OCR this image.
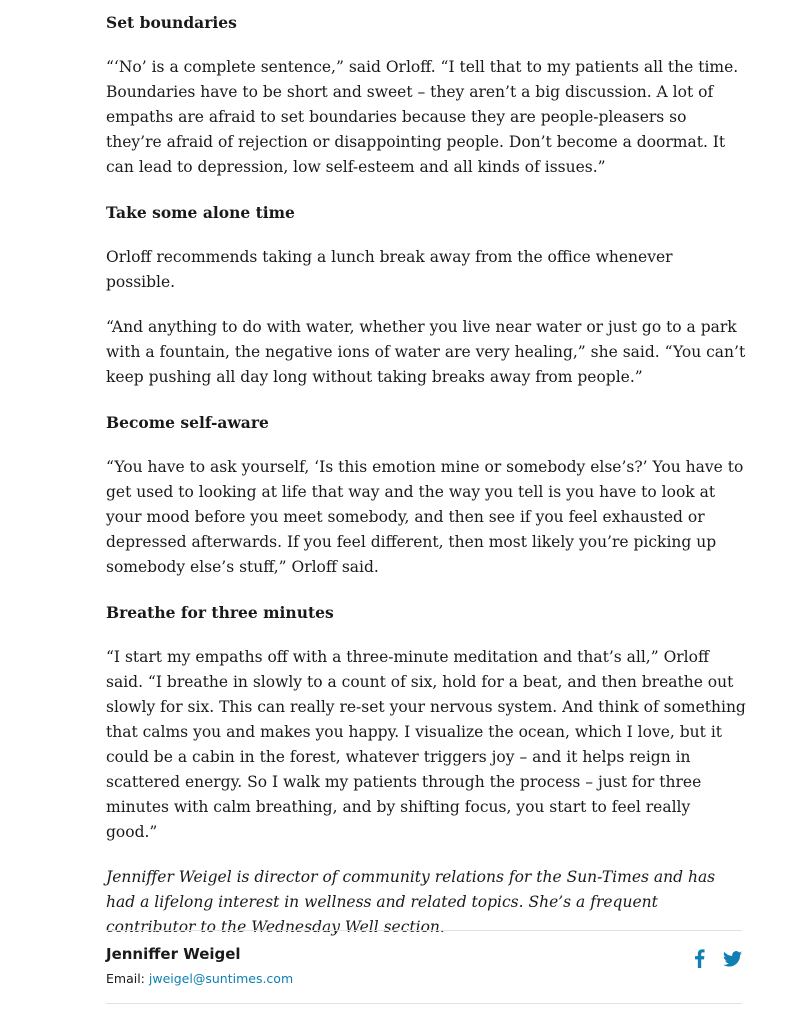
Set boundaries

“‘No’ is a complete sentence,” said Orloff. “I tell that to my patients all the time. Boundaries have to be short and sweet – they aren’t a big discussion. A lot of empaths are afraid to set boundaries because they are people-pleasers so they’re afraid of rejection or disappointing people. Don’t become a doormat. It can lead to depression, low self-esteem and all kinds of issues.”

Take some alone time

Orloff recommends taking a lunch break away from the office whenever possible.

“And anything to do with water, whether you live near water or just go to a park with a fountain, the negative ions of water are very healing,” she said. “You can’t keep pushing all day long without taking breaks away from people.”

Become self-aware

“You have to ask yourself, ‘Is this emotion mine or somebody else’s?’ You have to get used to looking at life that way and the way you tell is you have to look at your mood before you meet somebody, and then see if you feel exhausted or depressed afterwards. If you feel different, then most likely you’re picking up somebody else’s stuff,” Orloff said.

Breathe for three minutes

“I start my empaths off with a three-minute meditation and that’s all,” Orloff said. “I breathe in slowly to a count of six, hold for a beat, and then breathe out slowly for six. This can really re-set your nervous system. And think of something that calms you and makes you happy. I visualize the ocean, which I love, but it could be a cabin in the forest, whatever triggers joy – and it helps reign in scattered energy. So I walk my patients through the process – just for three minutes with calm breathing, and by shifting focus, you start to feel really good.”

Jenniffer Weigel is director of community relations for the Sun-Times and has had a lifelong interest in wellness and related topics. She’s a frequent contributor to the Wednesday Well section.

Jenniffer Weigel
Email: jweigel@suntimes.com
